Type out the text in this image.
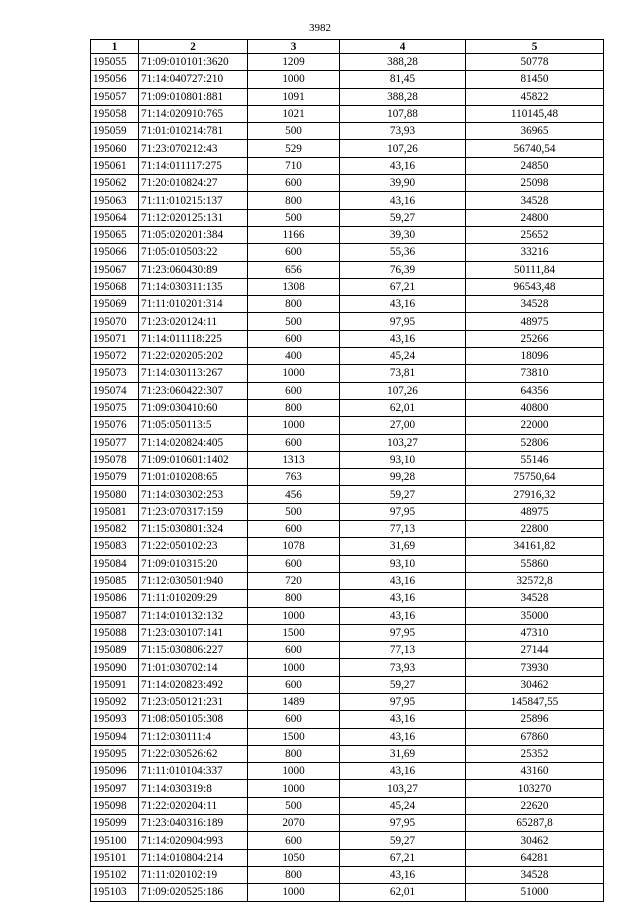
3982
1	2	3	4	5
195055	71:09:010101:3620	1209	388,28	50778
195056	71:14:040727:210	1000	81,45	81450
195057	71:09:010801:881	1091	388,28	45822
195058	71:14:020910:765	1021	107,88	110145,48
195059	71:01:010214:781	500	73,93	36965
195060	71:23:070212:43	529	107,26	56740,54
195061	71:14:011117:275	710	43,16	24850
195062	71:20:010824:27	600	39,90	25098
195063	71:11:010215:137	800	43,16	34528
195064	71:12:020125:131	500	59,27	24800
195065	71:05:020201:384	1166	39,30	25652
195066	71:05:010503:22	600	55,36	33216
195067	71:23:060430:89	656	76,39	50111,84
195068	71:14:030311:135	1308	67,21	96543,48
195069	71:11:010201:314	800	43,16	34528
195070	71:23:020124:11	500	97,95	48975
195071	71:14:011118:225	600	43,16	25266
195072	71:22:020205:202	400	45,24	18096
195073	71:14:030113:267	1000	73,81	73810
195074	71:23:060422:307	600	107,26	64356
195075	71:09:030410:60	800	62,01	40800
195076	71:05:050113:5	1000	27,00	22000
195077	71:14:020824:405	600	103,27	52806
195078	71:09:010601:1402	1313	93,10	55146
195079	71:01:010208:65	763	99,28	75750,64
195080	71:14:030302:253	456	59,27	27916,32
195081	71:23:070317:159	500	97,95	48975
195082	71:15:030801:324	600	77,13	22800
195083	71:22:050102:23	1078	31,69	34161,82
195084	71:09:010315:20	600	93,10	55860
195085	71:12:030501:940	720	43,16	32572,8
195086	71:11:010209:29	800	43,16	34528
195087	71:14:010132:132	1000	43,16	35000
195088	71:23:030107:141	1500	97,95	47310
195089	71:15:030806:227	600	77,13	27144
195090	71:01:030702:14	1000	73,93	73930
195091	71:14:020823:492	600	59,27	30462
195092	71:23:050121:231	1489	97,95	145847,55
195093	71:08:050105:308	600	43,16	25896
195094	71:12:030111:4	1500	43,16	67860
195095	71:22:030526:62	800	31,69	25352
195096	71:11:010104:337	1000	43,16	43160
195097	71:14:030319:8	1000	103,27	103270
195098	71:22:020204:11	500	45,24	22620
195099	71:23:040316:189	2070	97,95	65287,8
195100	71:14:020904:993	600	59,27	30462
195101	71:14:010804:214	1050	67,21	64281
195102	71:11:020102:19	800	43,16	34528
195103	71:09:020525:186	1000	62,01	51000
